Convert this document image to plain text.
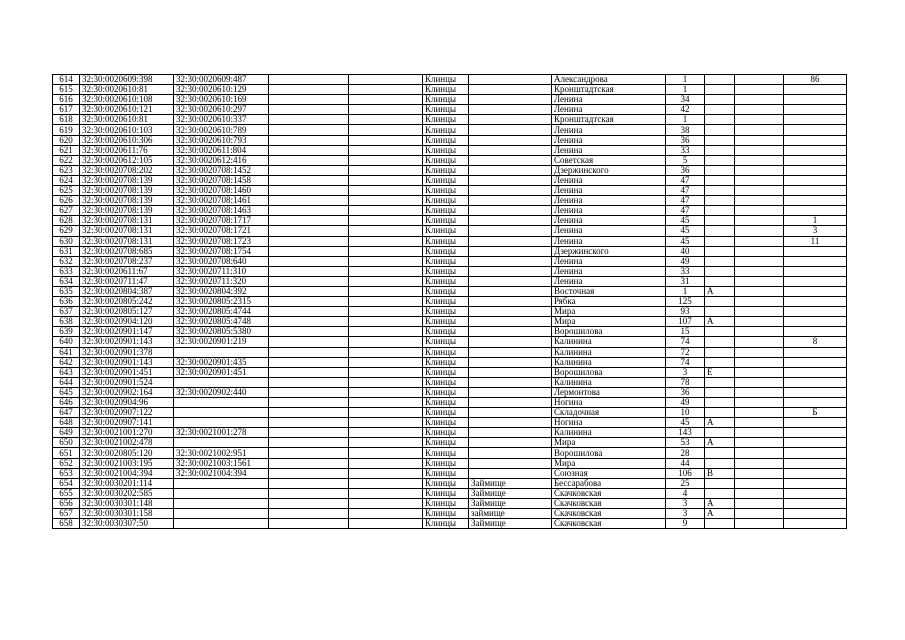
614	32:30:0020609:398	32:30:0020609:487			Клинцы		Александрова	1			86
615	32:30:0020610:81	32:30:0020610:129			Клинцы		Кронштадтская	1			
616	32:30:0020610:108	32:30:0020610:169			Клинцы		Ленина	34			
617	32:30:0020610:121	32:30:0020610:297			Клинцы		Ленина	42			
618	32:30:0020610:81	32:30:0020610:337			Клинцы		Кронштадтская	1			
619	32:30:0020610:103	32:30:0020610:789			Клинцы		Ленина	38			
620	32:30:0020610:306	32:30:0020610:793			Клинцы		Ленина	36			
621	32:30:0020611:76	32:30:0020611:804			Клинцы		Ленина	33			
622	32:30:0020612:105	32:30:0020612:416			Клинцы		Советская	5			
623	32:30:0020708:202	32:30:0020708:1452			Клинцы		Дзержинского	36			
624	32:30:0020708:139	32:30:0020708:1458			Клинцы		Ленина	47			
625	32:30:0020708:139	32:30:0020708:1460			Клинцы		Ленина	47			
626	32:30:0020708:139	32:30:0020708:1461			Клинцы		Ленина	47			
627	32:30:0020708:139	32:30:0020708:1463			Клинцы		Ленина	47			
628	32:30:0020708:131	32:30:0020708:1717			Клинцы		Ленина	45			1
629	32:30:0020708:131	32:30:0020708:1721			Клинцы		Ленина	45			3
630	32:30:0020708:131	32:30:0020708:1723			Клинцы		Ленина	45			11
631	32:30:0020708:685	32:30:0020708:1754			Клинцы		Дзержинского	40			
632	32:30:0020708:237	32:30:0020708:640			Клинцы		Ленина	49			
633	32:30:0020611:67	32:30:0020711:310			Клинцы		Ленина	33			
634	32:30:0020711:47	32:30:0020711:320			Клинцы		Ленина	31			
635	32:30:0020804:387	32:30:0020804:392			Клинцы		Восточная	1	А		
636	32:30:0020805:242	32:30:0020805:2315			Клинцы		Рябка	125			
637	32:30:0020805:127	32:30:0020805:4744			Клинцы		Мира	93			
638	32:30:0020904:120	32:30:0020805:4748			Клинцы		Мира	107	А		
639	32:30:0020901:147	32:30:0020805:5380			Клинцы		Ворошилова	15			
640	32:30:0020901:143	32:30:0020901:219			Клинцы		Калинина	74			8
641	32:30:0020901:378				Клинцы		Калинина	72			
642	32:30:0020901:143	32:30:0020901:435			Клинцы		Калинина	74			
643	32:30:0020901:451	32:30:0020901:451			Клинцы		Ворошилова	3	Е		
644	32:30:0020901:524				Клинцы		Калинина	78			
645	32:30:0020902:164	32:30:0020902:440			Клинцы		Лермонтова	36			
646	32:30:0020904:96				Клинцы		Ногина	49			
647	32:30:0020907:122				Клинцы		Складочная	10			Б
648	32:30:0020907:141				Клинцы		Ногина	45	А		
649	32:30:0021001:270	32:30:0021001:278			Клинцы		Калинина	143			
650	32:30:0021002:478				Клинцы		Мира	53	А		
651	32:30:0020805:120	32:30:0021002:951			Клинцы		Ворошилова	28			
652	32:30:0021003:195	32:30:0021003:1561			Клинцы		Мира	44			
653	32:30:0021004:394	32:30:0021004:394			Клинцы		Союзная	106	В		
654	32:30:0030201:114				Клинцы	Займище	Бессарабова	25			
655	32:30:0030202:585				Клинцы	Займище	Скачковская	4			
656	32:30:0030301:148				Клинцы	Займище	Скачковская	3	А		
657	32:30:0030301:158				Клинцы	займище	Скачковская	3	А		
658	32:30:0030307:50				Клинцы	Займище	Скачковская	9			
